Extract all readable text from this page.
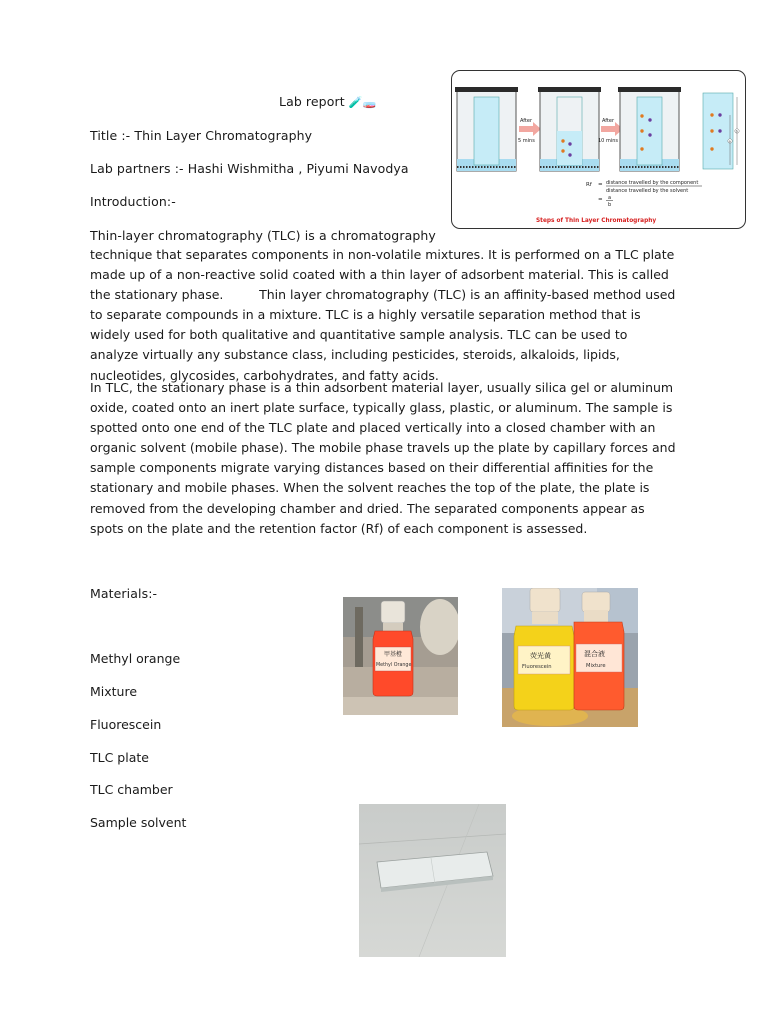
Lab report 🧪🧫
Title :- Thin Layer Chromatography
Lab partners :- Hashi Wishmitha , Piyumi Navodya
Introduction:-
Thin-layer chromatography (TLC) is a chromatography

technique that separates components in non-volatile mixtures. It is performed on a TLC plate made up of a non-reactive solid coated with a thin layer of adsorbent material. This is called the stationary phase.         Thin layer chromatography (TLC) is an affinity-based method used to separate compounds in a mixture. TLC is a highly versatile separation method that is widely used for both qualitative and quantitative sample analysis. TLC can be used to analyze virtually any substance class, including pesticides, steroids, alkaloids, lipids, nucleotides, glycosides, carbohydrates, and fatty acids.

In TLC, the stationary phase is a thin adsorbent material layer, usually silica gel or aluminum oxide, coated onto an inert plate surface, typically glass, plastic, or aluminum. The sample is spotted onto one end of the TLC plate and placed vertically into a closed chamber with an organic solvent (mobile phase). The mobile phase travels up the plate by capillary forces and sample components migrate varying distances based on their differential affinities for the stationary and mobile phases. When the solvent reaches the top of the plate, the plate is removed from the developing chamber and dried. The separated components appear as spots on the plate and the retention factor (Rf) of each component is assessed.

After
5 mins
After
10 mins	a
b
Rf = distance travelled by the component
distance travelled by the solvent
= a
b
Steps of Thin Layer Chromatography
Materials:-
Methyl orange
Mixture
Fluorescein
TLC plate
TLC chamber
Sample solvent
甲基橙
Methyl Orange
荧光黄
Fluorescein
混合液
Mixture
